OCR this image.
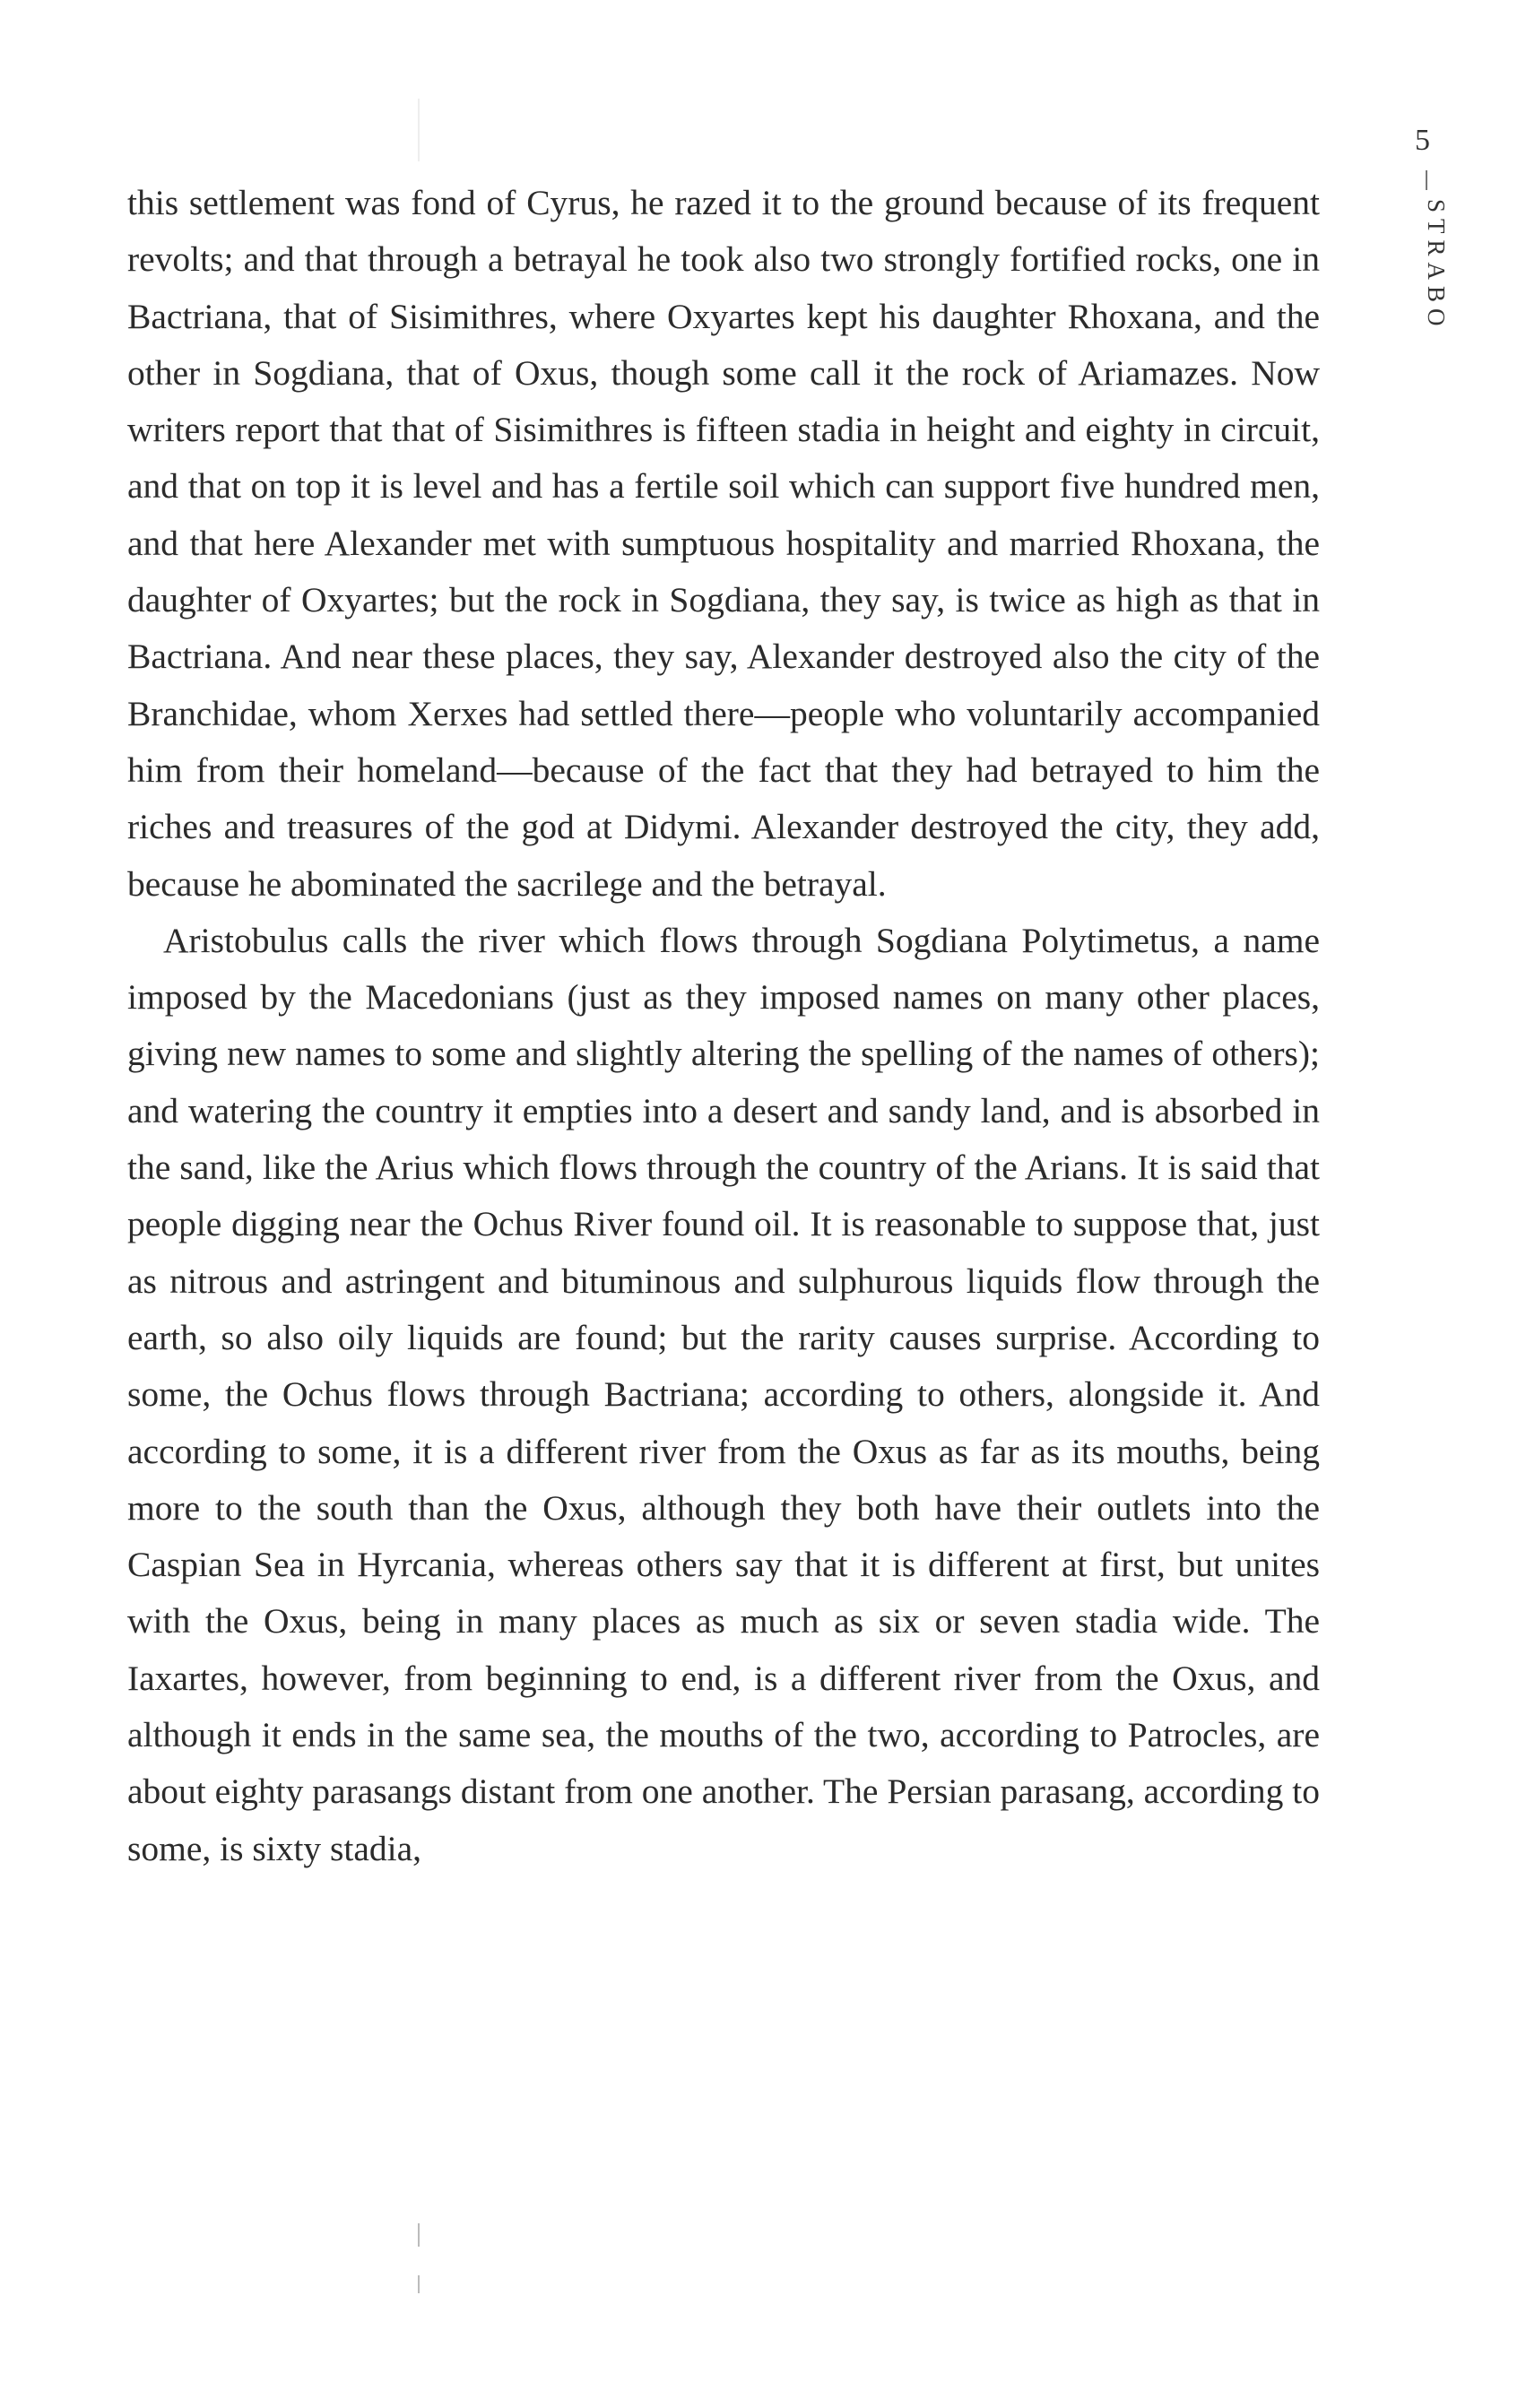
5
STRABO

this settlement was fond of Cyrus, he razed it to the ground because of its frequent revolts; and that through a betrayal he took also two strongly fortified rocks, one in Bactriana, that of Sisimithres, where Oxyartes kept his daughter Rhoxana, and the other in Sogdiana, that of Oxus, though some call it the rock of Ariamazes. Now writers report that that of Sisimithres is fifteen stadia in height and eighty in circuit, and that on top it is level and has a fertile soil which can support five hundred men, and that here Alexander met with sumptuous hospitality and married Rhoxana, the daughter of Oxyartes; but the rock in Sogdiana, they say, is twice as high as that in Bactriana. And near these places, they say, Alexander destroyed also the city of the Branchidae, whom Xerxes had settled there—people who voluntarily accompanied him from their homeland—because of the fact that they had betrayed to him the riches and treasures of the god at Didymi. Alexander destroyed the city, they add, because he abominated the sacrilege and the betrayal.

Aristobulus calls the river which flows through Sogdiana Polytimetus, a name imposed by the Macedonians (just as they imposed names on many other places, giving new names to some and slightly altering the spelling of the names of others); and watering the country it empties into a desert and sandy land, and is absorbed in the sand, like the Arius which flows through the country of the Arians. It is said that people digging near the Ochus River found oil. It is reasonable to suppose that, just as nitrous and astringent and bituminous and sulphurous liquids flow through the earth, so also oily liquids are found; but the rarity causes surprise. According to some, the Ochus flows through Bactriana; according to others, alongside it. And according to some, it is a different river from the Oxus as far as its mouths, being more to the south than the Oxus, although they both have their outlets into the Caspian Sea in Hyrcania, whereas others say that it is different at first, but unites with the Oxus, being in many places as much as six or seven stadia wide. The Iaxartes, however, from beginning to end, is a different river from the Oxus, and although it ends in the same sea, the mouths of the two, according to Patrocles, are about eighty parasangs distant from one another. The Persian parasang, according to some, is sixty stadia,
